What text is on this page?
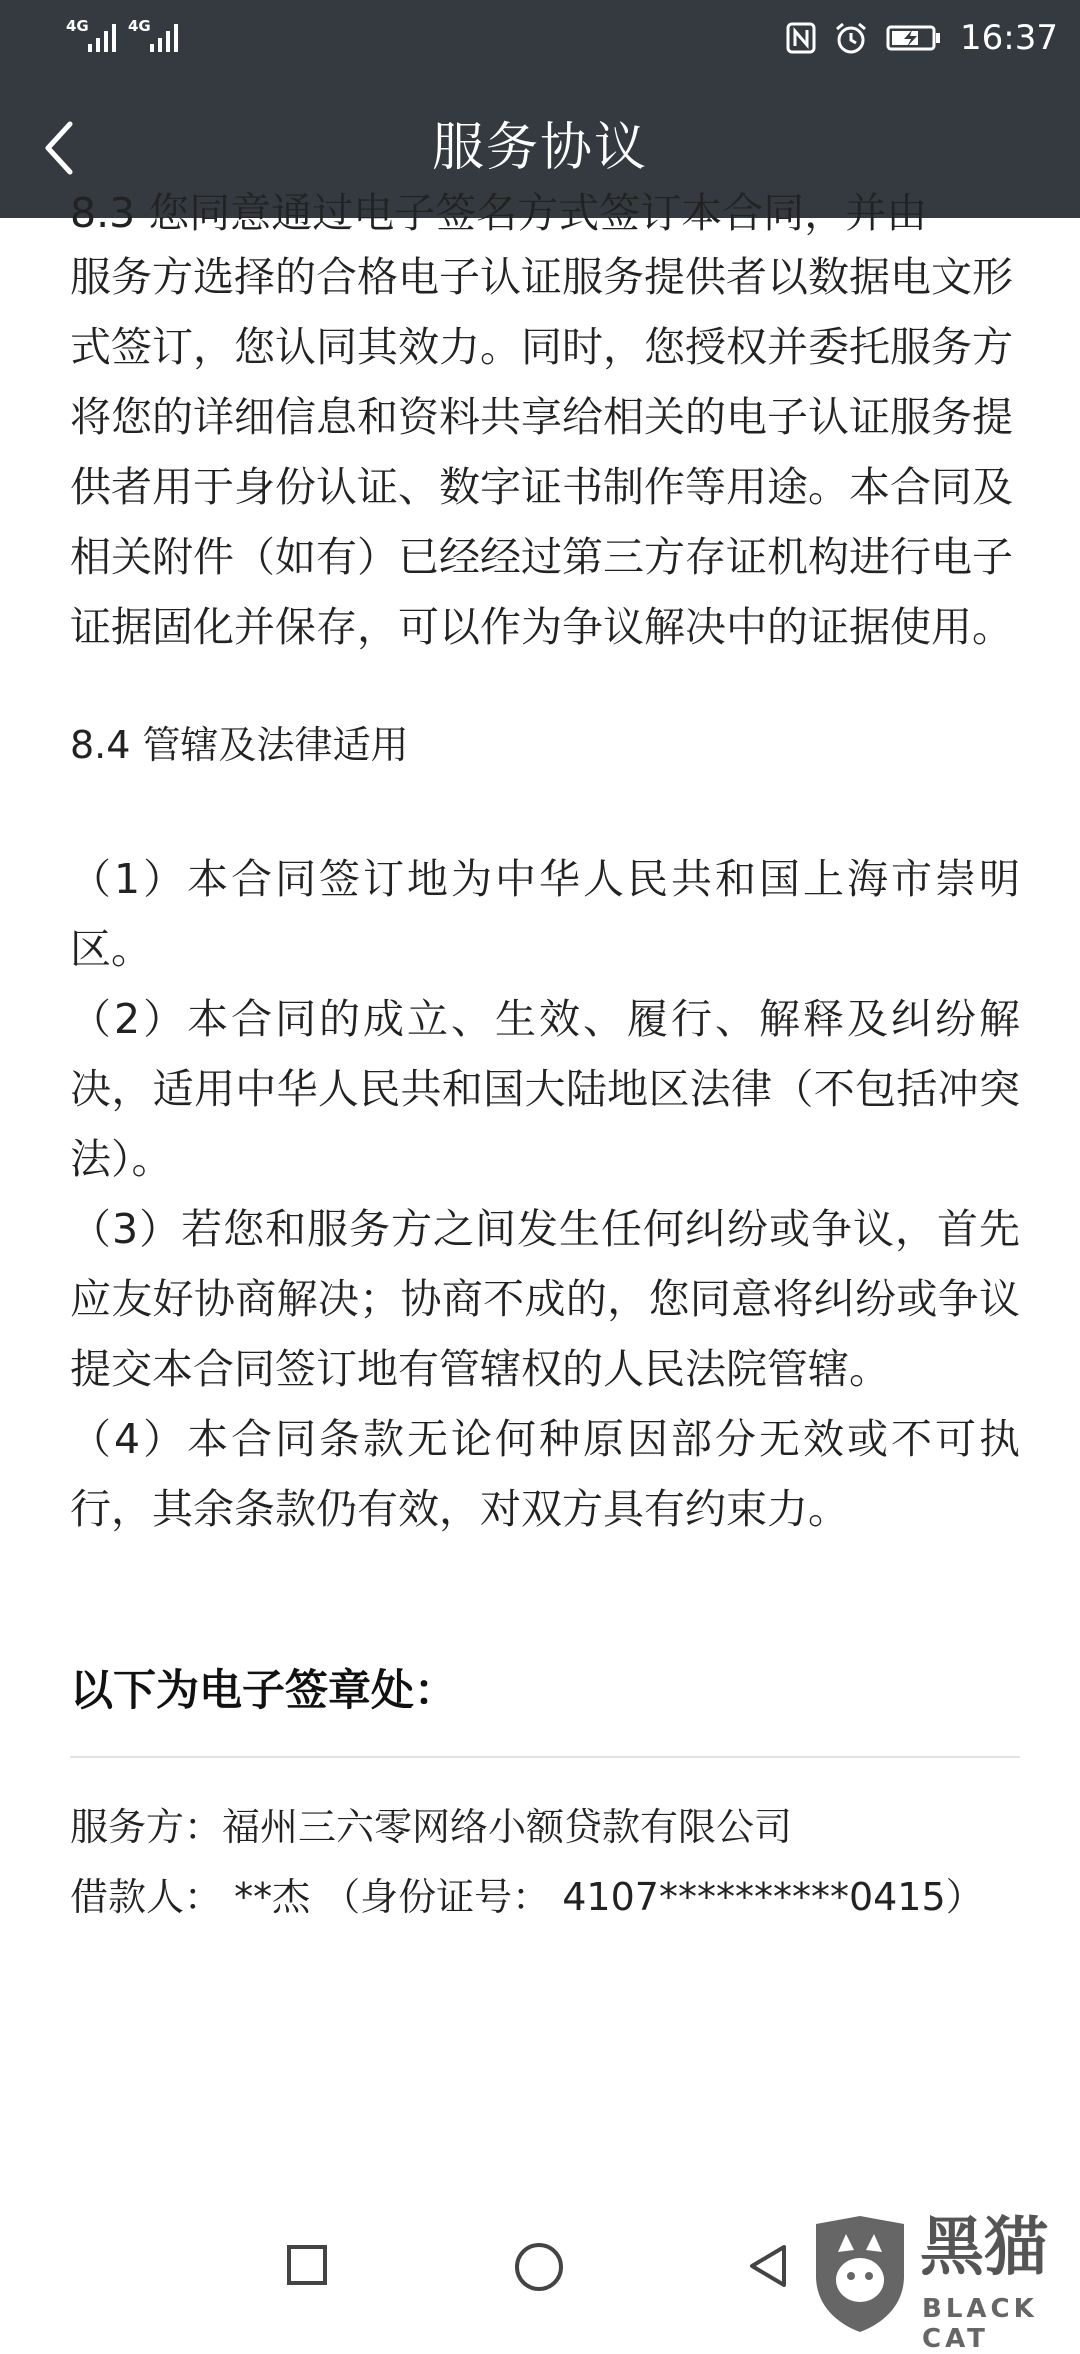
4G	4G	16:37
服务协议
8.3 您同意通过电子签名方式签订本合同，并由

服务方选择的合格电子认证服务提供者以数据电文形

式签订，您认同其效力。同时，您授权并委托服务方

将您的详细信息和资料共享给相关的电子认证服务提

供者用于身份认证、数字证书制作等用途。本合同及

相关附件（如有）已经经过第三方存证机构进行电子

证据固化并保存，可以作为争议解决中的证据使用。

8.4 管辖及法律适用

（1）本合同签订地为中华人民共和国上海市崇明区。

（2）本合同的成立、生效、履行、解释及纠纷解决，适用中华人民共和国大陆地区法律（不包括冲突法）。

（3）若您和服务方之间发生任何纠纷或争议，首先应友好协商解决；协商不成的，您同意将纠纷或争议提交本合同签订地有管辖权的人民法院管辖。

（4）本合同条款无论何种原因部分无效或不可执行，其余条款仍有效，对双方具有约束力。

以下为电子签章处：

服务方：福州三六零网络小额贷款有限公司

借款人： **杰 （身份证号： 4107**********0415）

黑猫
BLACK CAT
